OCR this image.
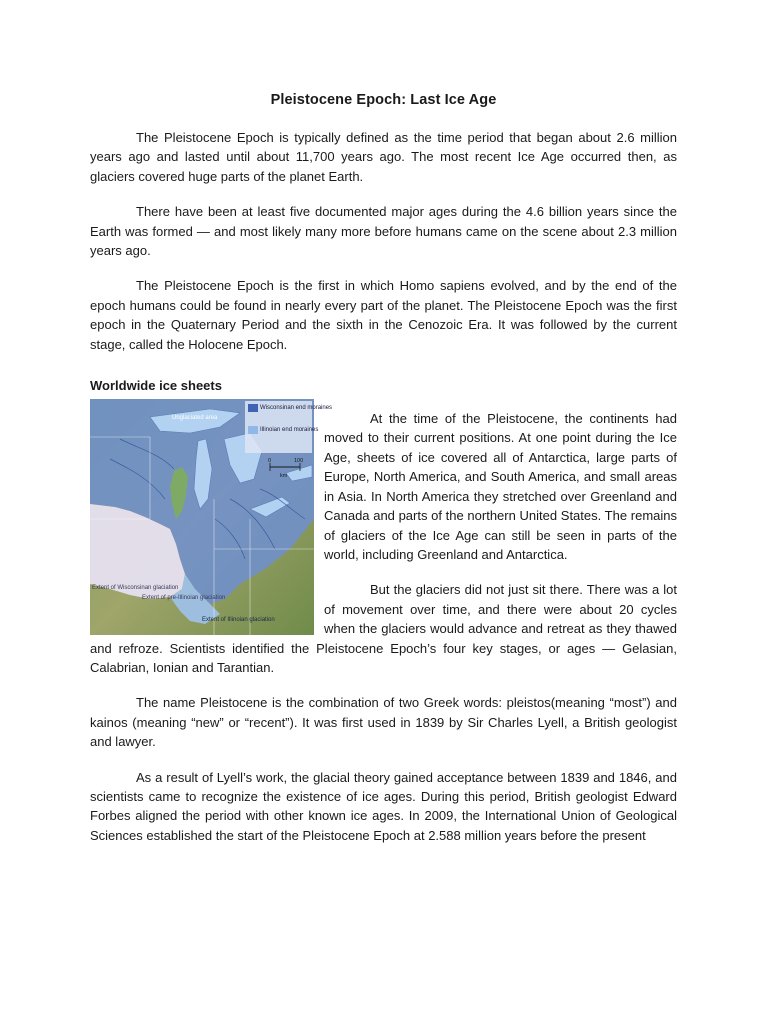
Pleistocene Epoch: Last Ice Age

The Pleistocene Epoch is typically defined as the time period that began about 2.6 million years ago and lasted until about 11,700 years ago. The most recent Ice Age occurred then, as glaciers covered huge parts of the planet Earth.

There have been at least five documented major ages during the 4.6 billion years since the Earth was formed — and most likely many more before humans came on the scene about 2.3 million years ago.

The Pleistocene Epoch is the first in which Homo sapiens evolved, and by the end of the epoch humans could be found in nearly every part of the planet. The Pleistocene Epoch was the first epoch in the Quaternary Period and the sixth in the Cenozoic Era. It was followed by the current stage, called the Holocene Epoch.

Worldwide ice sheets
Wisconsinan end moraines
Illinoian end moraines
0	100
km
Unglaciated area
Extent of Wisconsinan glaciation
Extent of pre-Illinoian glaciation
Extent of Illinoian glaciation

At the time of the Pleistocene, the continents had moved to their current positions. At one point during the Ice Age, sheets of ice covered all of Antarctica, large parts of Europe, North America, and South America, and small areas in Asia. In North America they stretched over Greenland and Canada and parts of the northern United States. The remains of glaciers of the Ice Age can still be seen in parts of the world, including Greenland and Antarctica.

But the glaciers did not just sit there. There was a lot of movement over time, and there were about 20 cycles when the glaciers would advance and retreat as they thawed and refroze. Scientists identified the Pleistocene Epoch’s four key stages, or ages — Gelasian, Calabrian, Ionian and Tarantian.

The name Pleistocene is the combination of two Greek words: pleistos(meaning “most”) and kainos (meaning “new” or “recent”). It was first used in 1839 by Sir Charles Lyell, a British geologist and lawyer.

As a result of Lyell’s work, the glacial theory gained acceptance between 1839 and 1846, and scientists came to recognize the existence of ice ages. During this period, British geologist Edward Forbes aligned the period with other known ice ages. In 2009, the International Union of Geological Sciences established the start of the Pleistocene Epoch at 2.588 million years before the present
